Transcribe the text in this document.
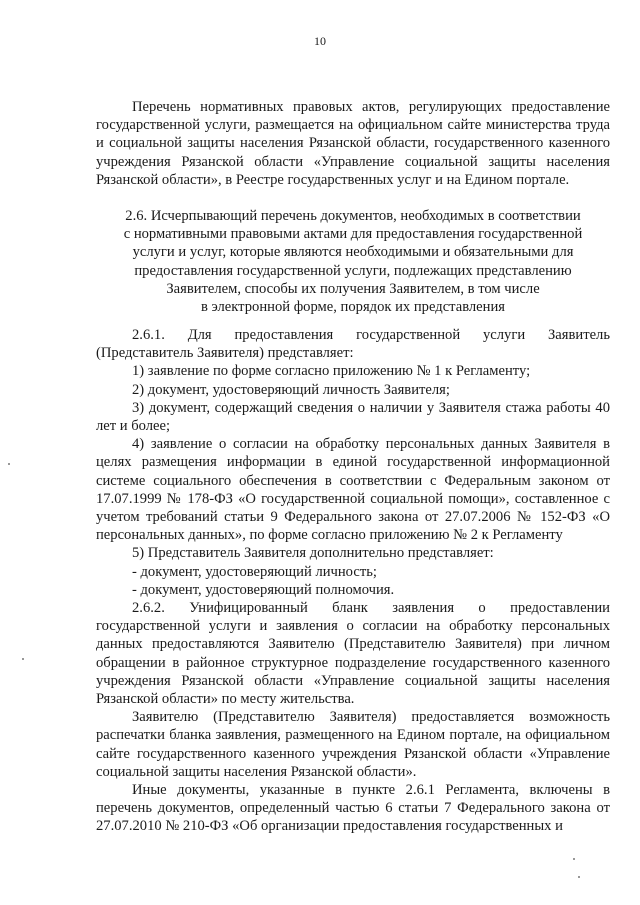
10

Перечень нормативных правовых актов, регулирующих предоставление государственной услуги, размещается на официальном сайте министерства труда и социальной защиты населения Рязанской области, государственного казенного учреждения Рязанской области «Управление социальной защиты населения Рязанской области», в Реестре государственных услуг и на Едином портале.

2.6. Исчерпывающий перечень документов, необходимых в соответствии
с нормативными правовыми актами для предоставления государственной
услуги и услуг, которые являются необходимыми и обязательными для
предоставления государственной услуги, подлежащих представлению
Заявителем, способы их получения Заявителем, в том числе
в электронной форме, порядок их представления

2.6.1. Для предоставления государственной услуги Заявитель (Представитель Заявителя) представляет:

1) заявление по форме согласно приложению № 1 к Регламенту;

2) документ, удостоверяющий личность Заявителя;

3) документ, содержащий сведения о наличии у Заявителя стажа работы 40 лет и более;

4) заявление о согласии на обработку персональных данных Заявителя в целях размещения информации в единой государственной информационной системе социального обеспечения в соответствии с Федеральным законом от 17.07.1999 № 178-ФЗ «О государственной социальной помощи», составленное с учетом требований статьи 9 Федерального закона от 27.07.2006 № 152-ФЗ «О персональных данных», по форме согласно приложению № 2 к Регламенту

5) Представитель Заявителя дополнительно представляет:

- документ, удостоверяющий личность;

- документ, удостоверяющий полномочия.

2.6.2. Унифицированный бланк заявления о предоставлении государственной услуги и заявления о согласии на обработку персональных данных предоставляются Заявителю (Представителю Заявителя) при личном обращении в районное структурное подразделение государственного казенного учреждения Рязанской области «Управление социальной защиты населения Рязанской области» по месту жительства.

Заявителю (Представителю Заявителя) предоставляется возможность распечатки бланка заявления, размещенного на Едином портале, на официальном сайте государственного казенного учреждения Рязанской области «Управление социальной защиты населения Рязанской области».

Иные документы, указанные в пункте 2.6.1 Регламента, включены в перечень документов, определенный частью 6 статьи 7 Федерального закона от 27.07.2010 № 210-ФЗ «Об организации предоставления государственных и
